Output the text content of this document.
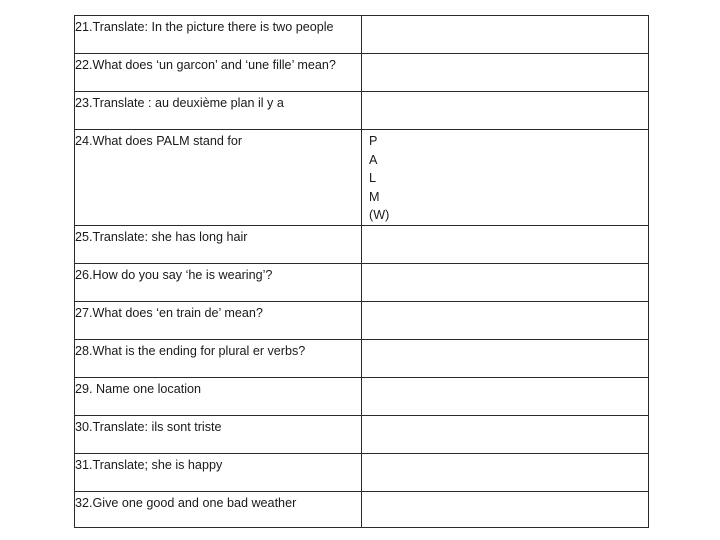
21.Translate: In the picture there is two people	

22.What does ‘un garcon’ and ‘une fille’ mean?	

23.Translate : au deuxième plan il y a	

24.What does PALM stand for	P
A
L
M
(W)

25.Translate: she has long hair	

26.How do you say ‘he is wearing’?	

27.What does ‘en train de’ mean?	

28.What is the ending for plural er verbs?	

29. Name one location	

30.Translate: ils sont triste	

31.Translate; she is happy	

32.Give one good and one bad weather	
